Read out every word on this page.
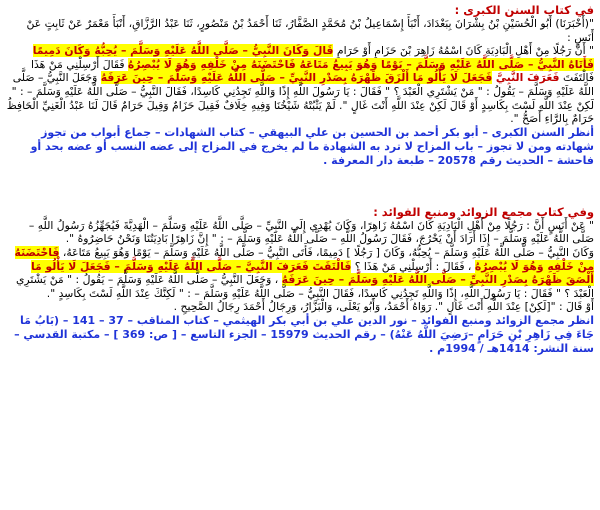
في كتاب السنن الكبرى :
"(أَخْبَرَنَا) أَبُو الْحُسَيْنِ بْنُ بِشْرَانَ بِبَغْدَادَ، أَنْبَأَ إِسْمَاعِيلُ بْنُ مُحَمَّدٍ الصَّفَّارُ، ثَنَا أَحْمَدُ بْنُ مَنْصُورٍ، ثَنَا عَبْدُ الرَّزَّاقِ، أَنْبَأَ مَعْمَرٌ عَنْ ثَابِتٍ عَنْ أَنَسٍ :
" أَنَّ رَجُلًا مِنْ أَهْلِ الْبَادِيَةِ كَانَ اسْمُهُ زَاهِرَ بْنَ حَزَامٍ أَوْ حَرَامٍ قَالَ وَكَانَ النَّبِيُّ – صَلَّى اللَّهُ عَلَيْهِ وَسَلَّمَ – يُحِبُّهُ وَكَانَ دَمِيمًا فَأَتَاهُ النَّبِيُّ – صَلَّى اللَّهُ عَلَيْهِ وَسَلَّمَ – يَوْمًا وَهُوَ يَبِيعُ مَتَاعَهُ فَاحْتَضَنَهُ مِنْ خَلْفِهِ وَهُوَ لَا يُبْصِرُهُ فَقَالَ أَرْسِلْنِي مَنْ هَذَا فَالْتَفَتَ فَعَرَفَ النَّبِيَّ فَجَعَلَ لَا يَأْلُو مَا أَلْزَقَ ظَهْرَهُ بِصَدْرِ النَّبِيِّ – صَلَّى اللَّهُ عَلَيْهِ وَسَلَّمَ – حِينَ عَرَفَهُ وَجَعَلَ النَّبِيُّ – صَلَّى اللَّهُ عَلَيْهِ وَسَلَّمَ – يَقُولُ : " مَنْ يَشْتَرِي الْعَبْدَ ؟ " فَقَالَ : يَا رَسُولَ اللَّهِ إِذًا وَاللَّهِ تَجِدُنِي كَاسِدًا، فَقَالَ النَّبِيُّ – صَلَّى اللَّهُ عَلَيْهِ وَسَلَّمَ – : " لَكِنْ عِنْدَ اللَّهِ لَسْتَ بِكَاسِدٍ أَوْ قَالَ لَكِنْ عِنْدَ اللَّهِ أَنْتَ غَالٍ ". لَمْ يَثْبُتْهُ شَيْخُنَا وَفِيهِ خِلَافٌ فَقِيلَ حَزَامٌ وَقِيلَ حَرَامٌ قَالَ لَنَا عَبْدُ الْغَنِيِّ الْحَافِظُ حَرَامٌ بِالرَّاءِ أَصَحُّ ".
أنظر السنن الكبرى – أبو بكر أحمد بن الحسين بن علي البيهقي – كتاب الشهادات – جماع أبواب من تجوز شهادته ومن لا تجوز – باب المزاح لا ترد به الشهادة ما لم يخرج في المزاح إلى عضه النسب أو عضه بحد أو فاحشة – الحديث رقم 20578 – طبعة دار المعرفة .
وفي كتاب مجمع الزوائد ومنبع الفوائد :
" عَنْ أَنَسٍ أَنَّ : رَجُلًا مِنْ أَهْلِ الْبَادِيَةِ كَانَ اسْمُهُ زَاهِرًا، وَكَانَ يُهْدِي إِلَى النَّبِيِّ – صَلَّى اللَّهُ عَلَيْهِ وَسَلَّمَ – الْهَدِيَّةَ فَيُجَهِّزُهُ رَسُولُ اللَّهِ – صَلَّى اللَّهُ عَلَيْهِ وَسَلَّمَ – إِذَا أَرَادَ أَنْ يَخْرُجَ، فَقَالَ رَسُولُ اللَّهِ – صَلَّى اللَّهُ عَلَيْهِ وَسَلَّمَ – : " إِنَّ زَاهِرًا بَادِيَتُنَا وَنَحْنُ حَاضِرُوهُ ".
وَكَانَ النَّبِيُّ – صَلَّى اللَّهُ عَلَيْهِ وَسَلَّمَ – يُحِبُّهُ، وَكَانَ [ رَجُلًا ] دَمِيمًا، فَأَتَى النَّبِيُّ – صَلَّى اللَّهُ عَلَيْهِ وَسَلَّمَ – يَوْمًا وَهُوَ يَبِيعُ مَتَاعَهُ، فَاحْتَضَنَهُ مِنْ خَلْفِهِ وَهُوَ لَا يُبْصِرُهُ ، فَقَالَ : أَرْسِلْنِي مَنْ هَذَا ؟ فَالْتَفَتَ فَعَرَفَ النَّبِيَّ – صَلَّى اللَّهُ عَلَيْهِ وَسَلَّمَ – فَجَعَلَ لَا يَأْلُو مَا أَلْصَقَ ظَهْرَهُ بِصَدْرِ النَّبِيِّ – صَلَّى اللَّهُ عَلَيْهِ وَسَلَّمَ – حِينَ عَرَفَهُ ، وَجَعَلَ النَّبِيُّ – صَلَّى اللَّهُ عَلَيْهِ وَسَلَّمَ – يَقُولُ : " مَنْ يَشْتَرِي الْعَبْدَ ؟ " فَقَالَ : يَا رَسُولَ اللَّهِ، إِذًا وَاللَّهِ تَجِدُنِي كَاسِدًا، فَقَالَ النَّبِيُّ – صَلَّى اللَّهُ عَلَيْهِ وَسَلَّمَ – : " لَكِنَّكَ عِنْدَ اللَّهِ لَسْتَ بِكَاسِدٍ ".
أَوْ قَالَ : "[لَكِنْ] عِنْدَ اللَّهِ أَنْتَ غَالٍ ". رَوَاهُ أَحْمَدُ، وَأَبُو يَعْلَى، وَالْبَزَّارُ، وَرِجَالُ أَحْمَدَ رِجَالُ الصَّحِيحِ .
انظر مجمع الزوائد ومنبع الفوائد – نور الدين علي بن أبي بكر الهيثمي – كتاب المناقب – 37 – 141 – (بَابُ مَا جَاءَ فِي زَاهِرِ بْنِ حَرَامٍ –رَضِيَ اللَّهُ عَنْهُ) – رقم الحديث 15979 – الجزء التاسع – [ ص: 369 ] – مكتبة القدسي – سنة النشر: 1414هـ / 1994م .
